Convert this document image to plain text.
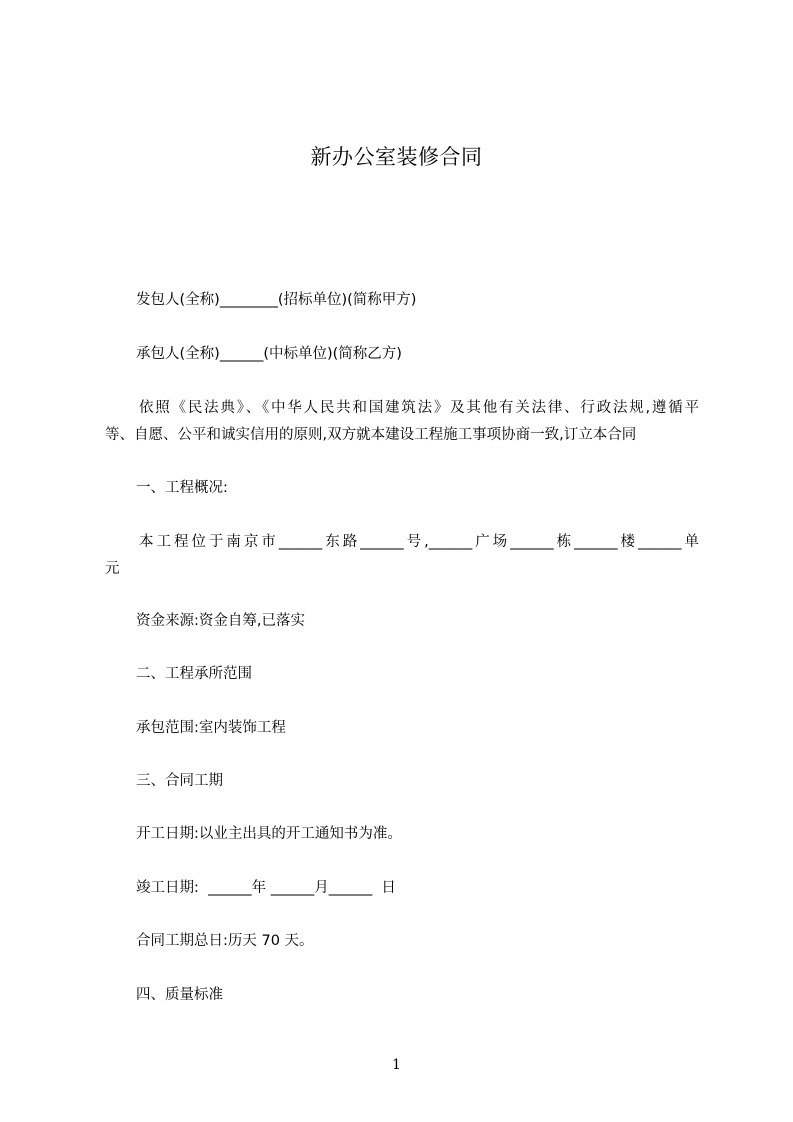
新办公室装修合同
发包人(全称)________(招标单位)(简称甲方)
承包人(全称)______(中标单位)(简称乙方)
依照《民法典》、《中华人民共和国建筑法》及其他有关法律、行政法规,遵循平
等、自愿、公平和诚实信用的原则,双方就本建设工程施工事项协商一致,订立本合同
一、工程概况:
本工程位于南京市______东路______号,______广场______栋______楼______单
元
资金来源:资金自筹,已落实
二、工程承所范围
承包范围:室内装饰工程
三、合同工期
开工日期:以业主出具的开工通知书为准。
竣工日期:  ______年 ______月______  日
合同工期总日:历天 70 天。
四、质量标准
1
